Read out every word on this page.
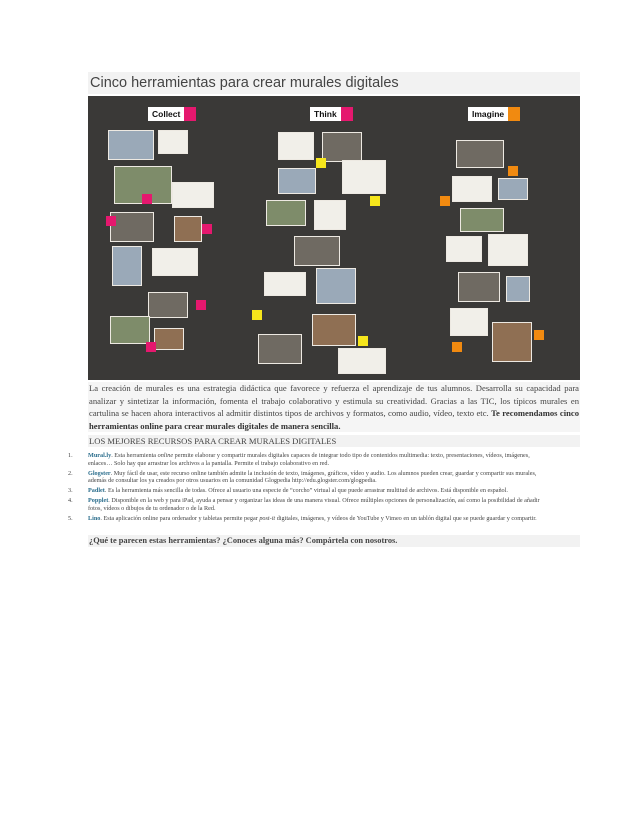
Cinco herramientas para crear murales digitales
Collect	Think	Imagine
La creación de murales es una estrategia didáctica que favorece y refuerza el aprendizaje de tus alumnos. Desarrolla su capacidad para analizar y sintetizar la información, fomenta el trabajo colaborativo y estimula su creatividad. Gracias a las TIC, los típicos murales en cartulina se hacen ahora interactivos al admitir distintos tipos de archivos y formatos, como audio, vídeo, texto etc. Te recomendamos cinco herramientas online para crear murales digitales de manera sencilla.
LOS MEJORES RECURSOS PARA CREAR MURALES DIGITALES
1. Mural.ly. Esta herramienta online permite elaborar y compartir murales digitales capaces de integrar todo tipo de contenidos multimedia: texto, presentaciones, vídeos, imágenes, enlaces… Solo hay que arrastrar los archivos a la pantalla. Permite el trabajo colaborativo en red.
2. Glogster. Muy fácil de usar, este recurso online también admite la inclusión de texto, imágenes, gráficos, vídeo y audio. Los alumnos pueden crear, guardar y compartir sus murales, además de consultar los ya creados por otros usuarios en la comunidad Glogpedia http://edu.glogster.com/glogpedia.
3. Padlet. Es la herramienta más sencilla de todas. Ofrece al usuario una especie de “corcho” virtual al que puede arrastrar multitud de archivos. Está disponible en español.
4. Popplet. Disponible en la web y para iPad, ayuda a pensar y organizar las ideas de una manera visual. Ofrece múltiples opciones de personalización, así como la posibilidad de añadir fotos, vídeos o dibujos de tu ordenador o de la Red.
5. Lino. Esta aplicación online para ordenador y tabletas permite pegar post-it digitales, imágenes, y vídeos de YouTube y Vimeo en un tablón digital que se puede guardar y compartir.
¿Qué te parecen estas herramientas? ¿Conoces alguna más? Compártela con nosotros.
